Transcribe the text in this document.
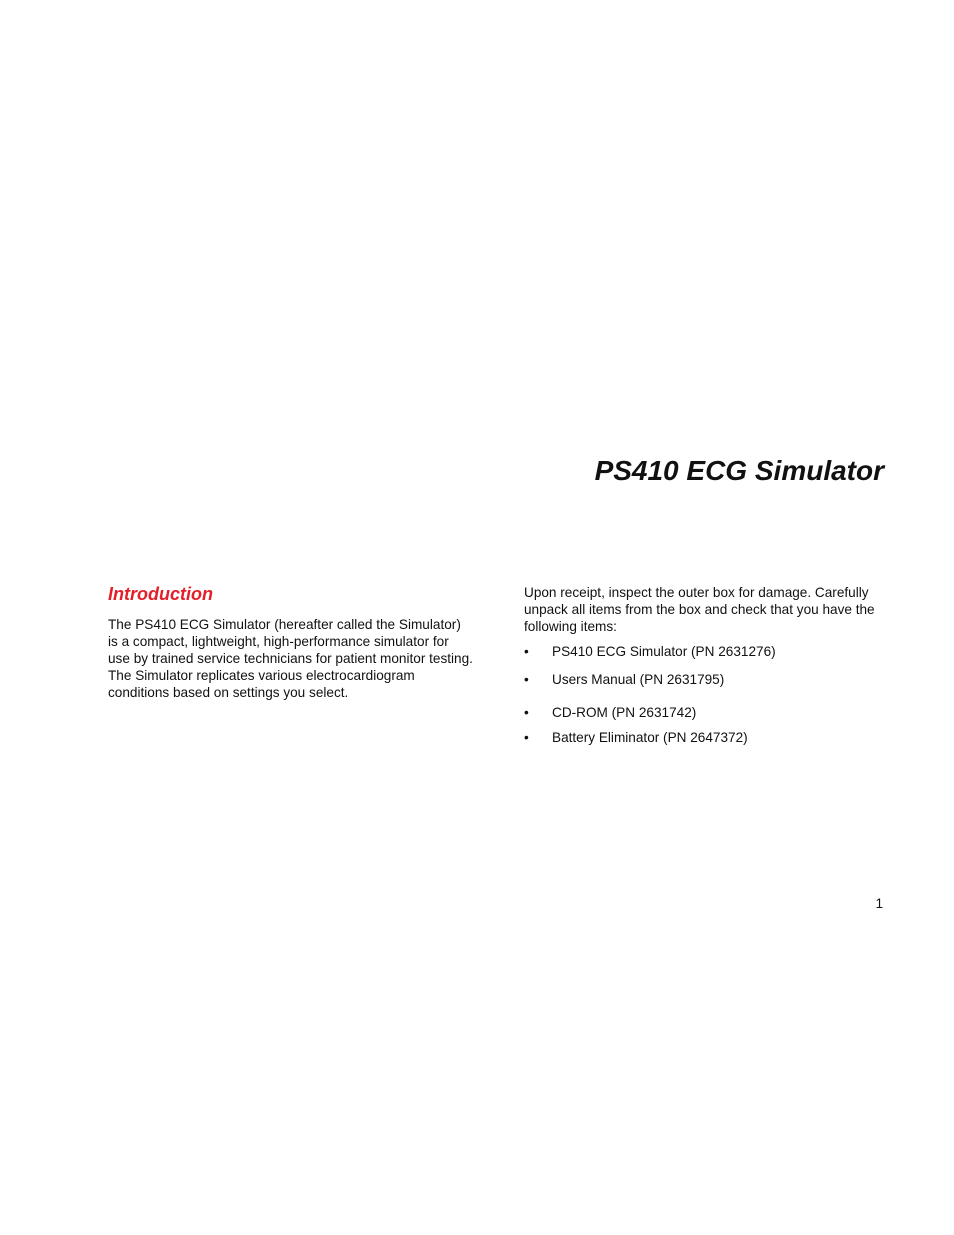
PS410 ECG Simulator
Introduction

The PS410 ECG Simulator (hereafter called the Simulator) is a compact, lightweight, high-performance simulator for use by trained service technicians for patient monitor testing. The Simulator replicates various electrocardiogram conditions based on settings you select.

Upon receipt, inspect the outer box for damage. Carefully unpack all items from the box and check that you have the following items:

• PS410 ECG Simulator (PN 2631276)
• Users Manual (PN 2631795)
• CD-ROM (PN 2631742)
• Battery Eliminator (PN 2647372)
1
